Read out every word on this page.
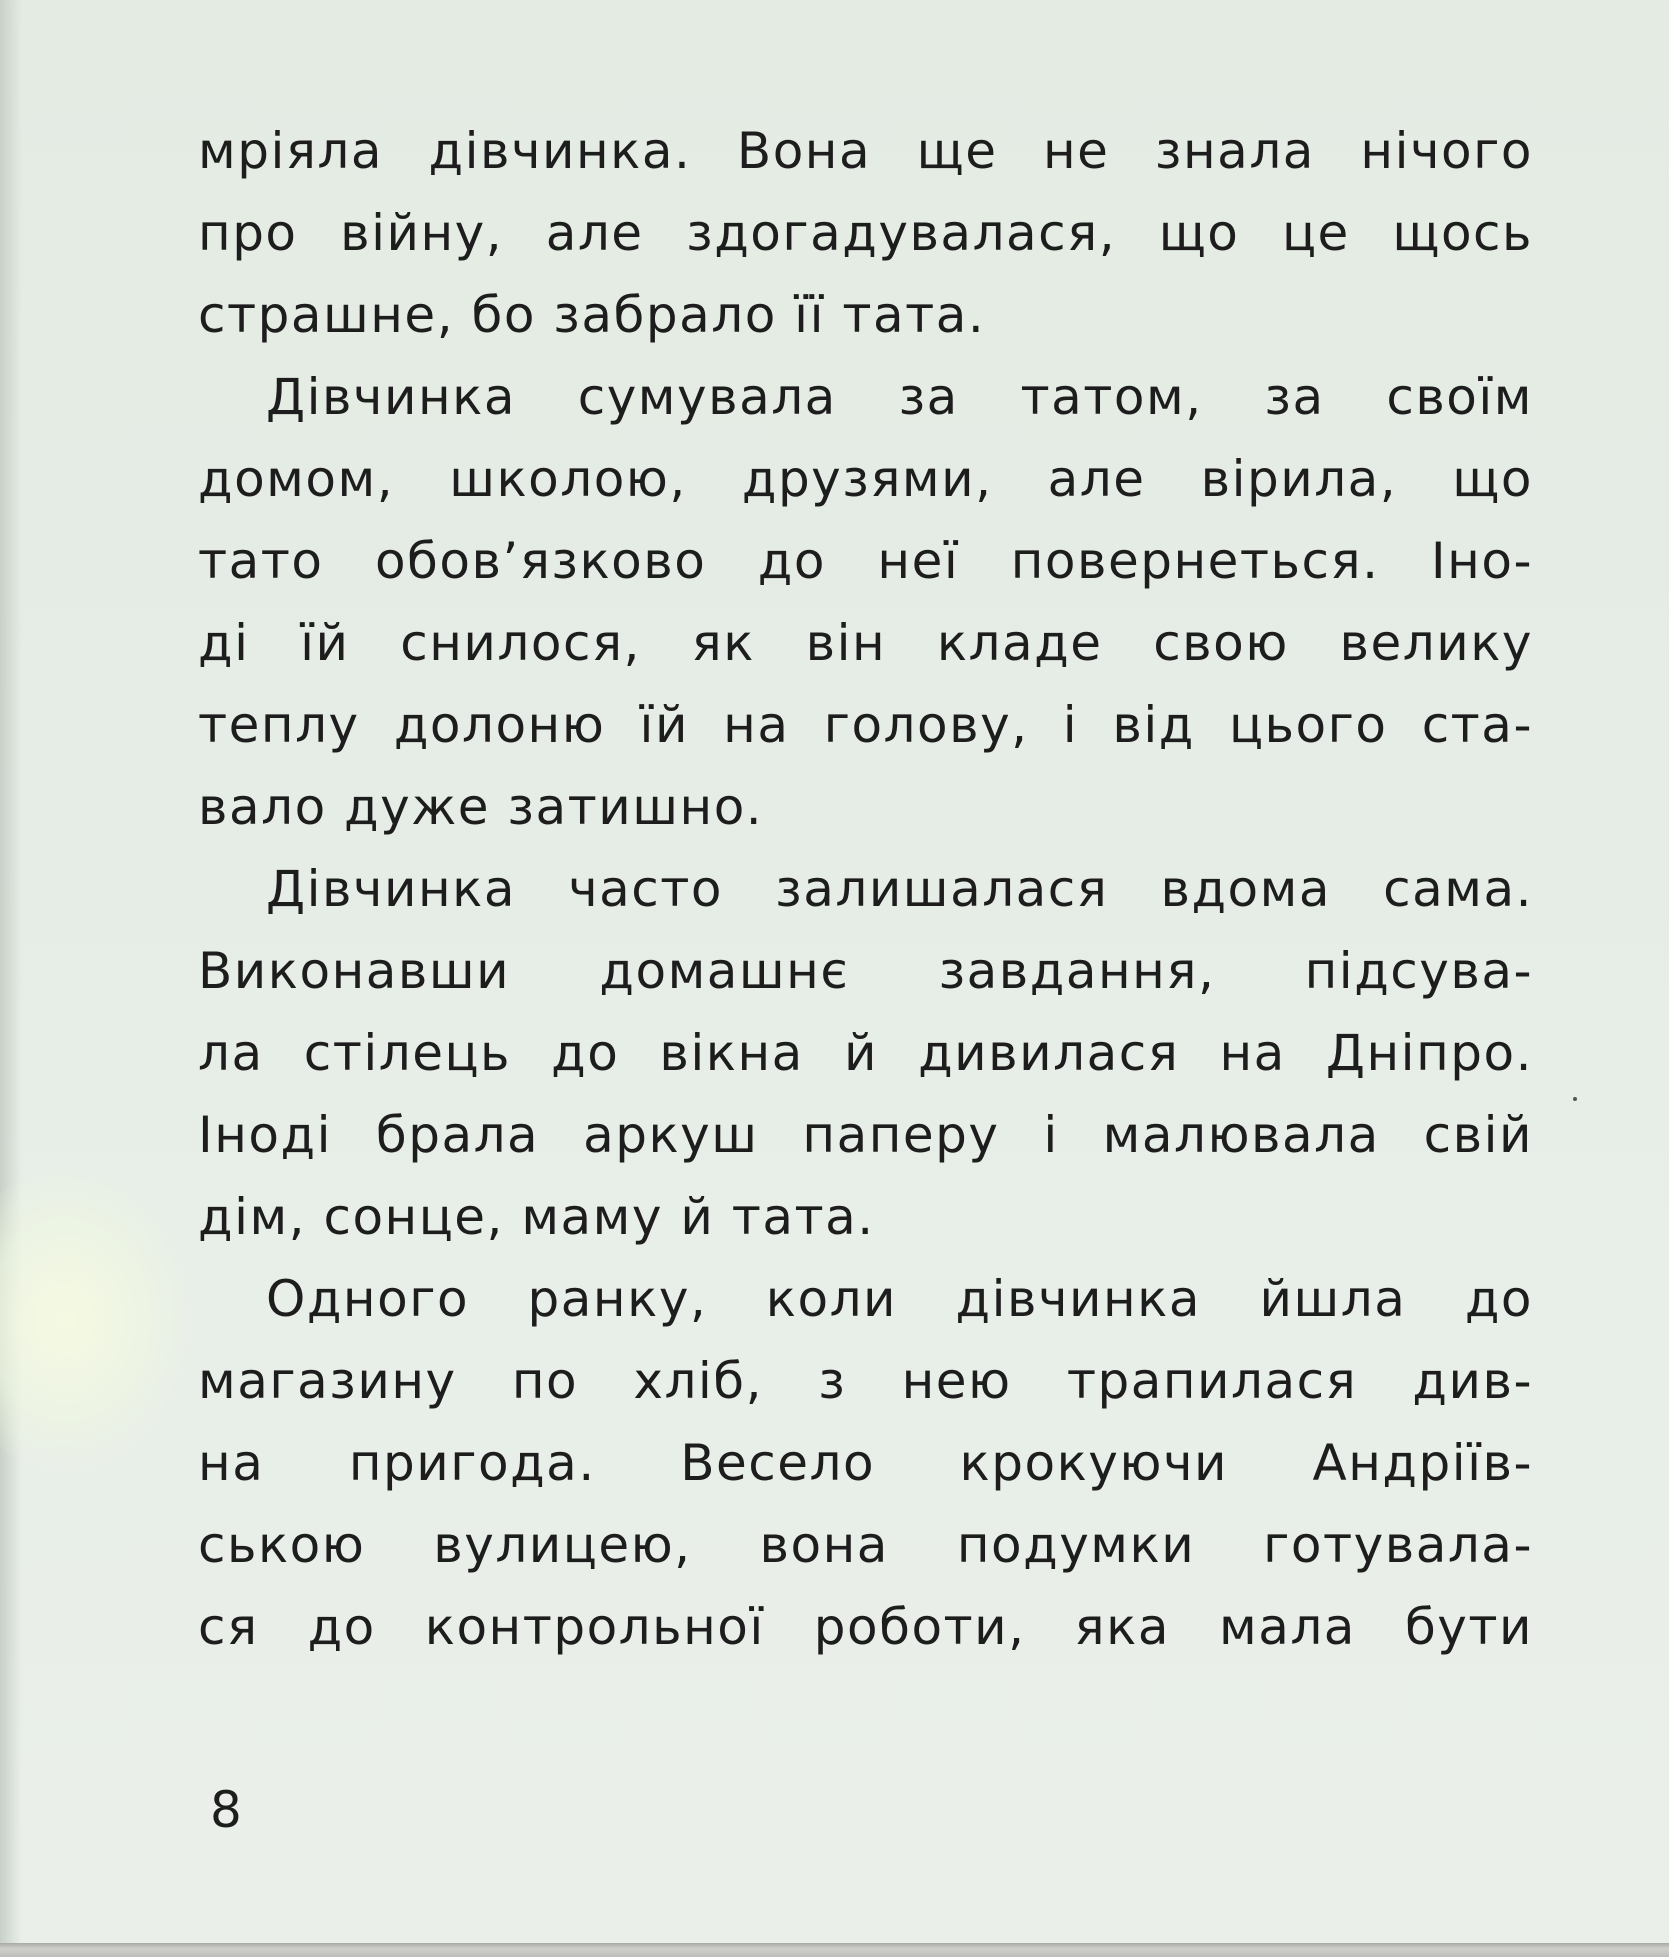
мріяла дівчинка. Вона ще не знала нічого
про війну, але здогадувалася, що це щось
страшне, бо забрало її тата.
Дівчинка сумувала за татом, за своїм
домом, школою, друзями, але вірила, що
тато обов’язково до неї повернеться. Іно-
ді їй снилося, як він кладе свою велику
теплу долоню їй на голову, і від цього ста-
вало дуже затишно.
Дівчинка часто залишалася вдома сама.
Виконавши домашнє завдання, підсува-
ла стілець до вікна й дивилася на Дніпро.
Іноді брала аркуш паперу і малювала свій
дім, сонце, маму й тата.
Одного ранку, коли дівчинка йшла до
магазину по хліб, з нею трапилася див-
на пригода. Весело крокуючи Андріїв-
ською вулицею, вона подумки готувала-
ся до контрольної роботи, яка мала бути
8
